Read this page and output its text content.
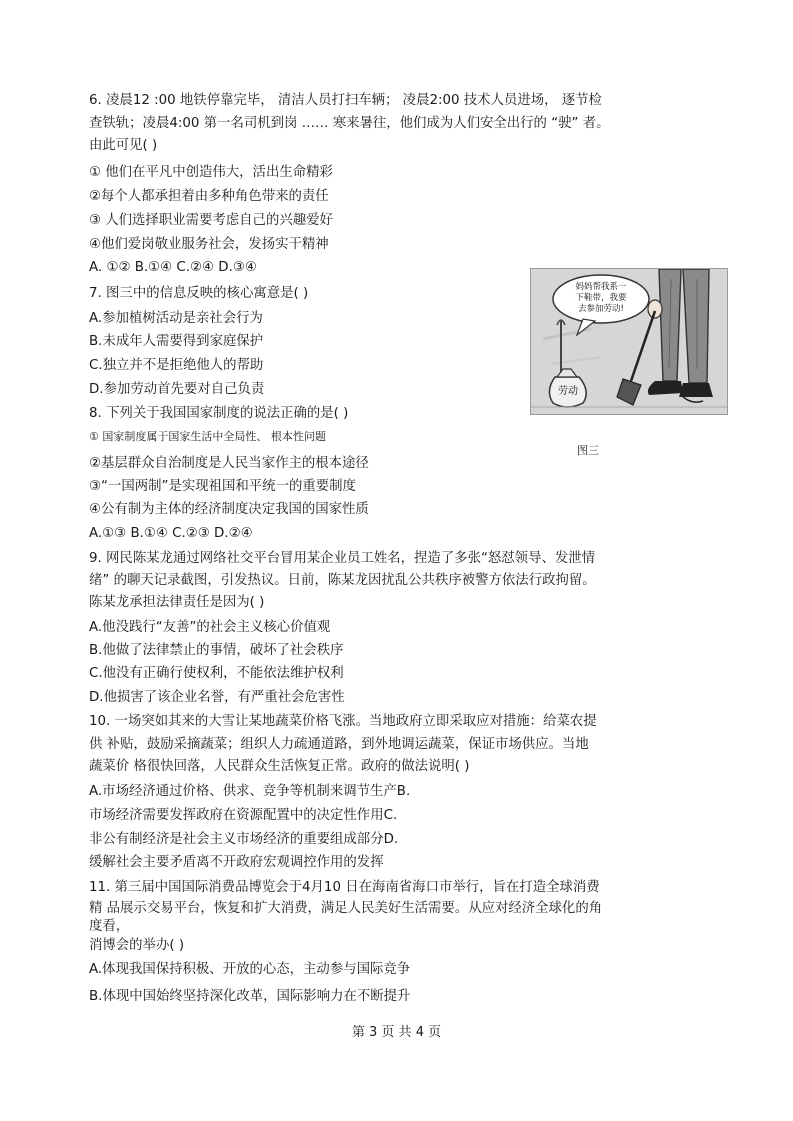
6. 凌晨12 :00 地铁停靠完毕， 清洁人员打扫车辆； 凌晨2:00 技术人员进场， 逐节检
查铁轨；凌晨4:00 第一名司机到岗 …… 寒来暑往，他们成为人们安全出行的 “驶” 者。
由此可见( )
① 他们在平凡中创造伟大，活出生命精彩
②每个人都承担着由多种角色带来的责任
③ 人们选择职业需要考虑自己的兴趣爱好
④他们爱岗敬业服务社会，发扬实干精神
A. ①② B.①④ C.②④ D.③④
7. 图三中的信息反映的核心寓意是( )
A.参加植树活动是亲社会行为
B.未成年人需要得到家庭保护
C.独立并不是拒绝他人的帮助
D.参加劳动首先要对自己负责
8. 下列关于我国国家制度的说法正确的是( )
① 国家制度属于国家生活中全局性、 根本性问题
②基层群众自治制度是人民当家作主的根本途径
③“一国两制”是实现祖国和平统一的重要制度
④公有制为主体的经济制度决定我国的国家性质
A.①③ B.①④ C.②③ D.②④
9. 网民陈某龙通过网络社交平台冒用某企业员工姓名，捏造了多张“怒怼领导、发泄情
绪” 的聊天记录截图，引发热议。日前，陈某龙因扰乱公共秩序被警方依法行政拘留。
陈某龙承担法律责任是因为( )
A.他没践行“友善”的社会主义核心价值观
B.他做了法律禁止的事情，破坏了社会秩序
C.他没有正确行使权利，不能依法维护权利
D.他损害了该企业名誉，有严重社会危害性
10. 一场突如其来的大雪让某地蔬菜价格飞涨。当地政府立即采取应对措施：给菜农提
供 补贴，鼓励采摘蔬菜；组织人力疏通道路，到外地调运蔬菜，保证市场供应。当地
蔬菜价 格很快回落，人民群众生活恢复正常。政府的做法说明( )
A.市场经济通过价格、供求、竞争等机制来调节生产B.
市场经济需要发挥政府在资源配置中的决定性作用C.
非公有制经济是社会主义市场经济的重要组成部分D.
缓解社会主要矛盾离不开政府宏观调控作用的发挥
11. 第三届中国国际消费品博览会于4月10 日在海南省海口市举行，旨在打造全球消费
精 品展示交易平台，恢复和扩大消费，满足人民美好生活需要。从应对经济全球化的角
度看，
消博会的举办( )
A.体现我国保持积极、开放的心态，主动参与国际竞争
B.体现中国始终坚持深化改革，国际影响力在不断提升
妈妈帮我系一
下鞋带，我要
去参加劳动!
劳动
图三
第 3 页 共 4 页
